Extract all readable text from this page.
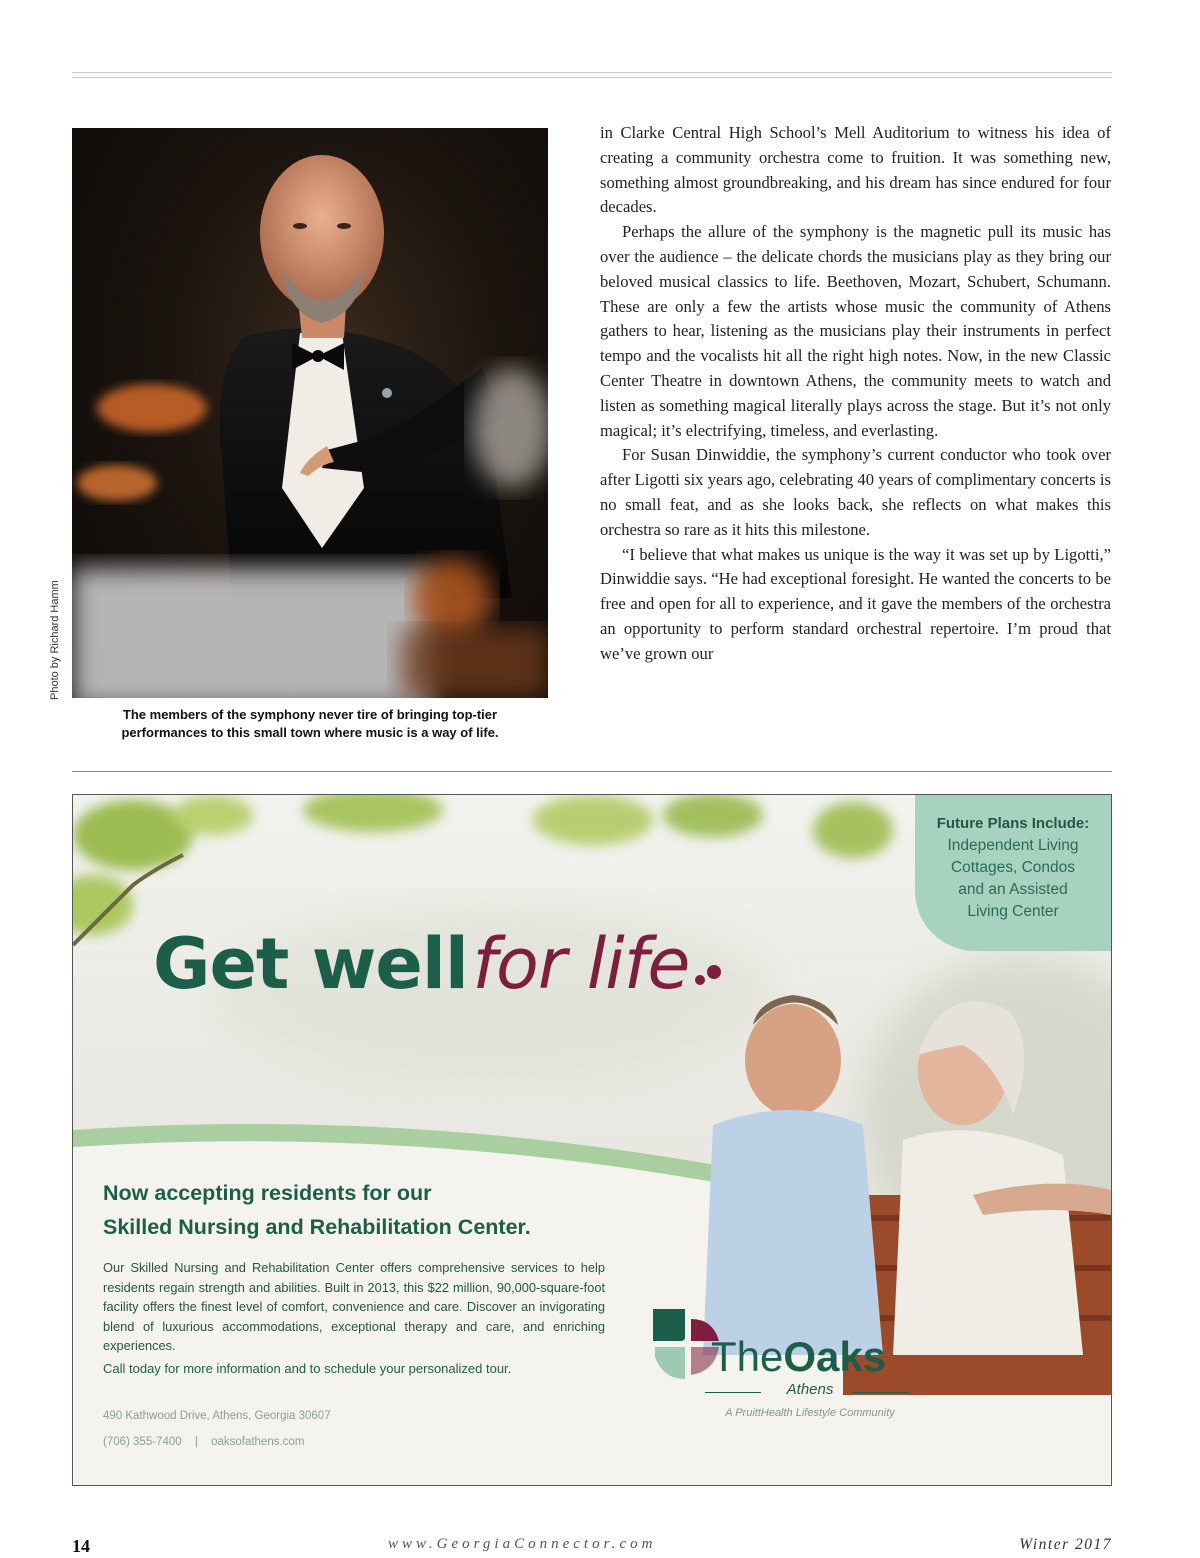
Photo by Richard Hamm
The members of the symphony never tire of bringing top-tier
performances to this small town where music is a way of life.

in Clarke Central High School’s Mell Auditorium to witness his idea of creating a community orchestra come to fruition. It was something new, something almost groundbreaking, and his dream has since endured for four decades.

Perhaps the allure of the symphony is the magnetic pull its music has over the audience – the delicate chords the musicians play as they bring our beloved musical classics to life. Beethoven, Mozart, Schubert, Schumann. These are only a few the artists whose music the community of Athens gathers to hear, listening as the musicians play their instruments in perfect tempo and the vocalists hit all the right high notes. Now, in the new Classic Center Theatre in downtown Athens, the community meets to watch and listen as something magical literally plays across the stage. But it’s not only magical; it’s electrifying, timeless, and everlasting.

For Susan Dinwiddie, the symphony’s current conductor who took over after Ligotti six years ago, celebrating 40 years of complimentary concerts is no small feat, and as she looks back, she reflects on what makes this orchestra so rare as it hits this milestone.

“I believe that what makes us unique is the way it was set up by Ligotti,” Dinwiddie says. “He had exceptional foresight. He wanted the concerts to be free and open for all to experience, and it gave the members of the orchestra an opportunity to perform standard orchestral repertoire. I’m proud that we’ve grown our

Future Plans Include:
Independent Living
Cottages, Condos
and an Assisted
Living Center
Get well for life
Now accepting residents for our
Skilled Nursing and Rehabilitation Center.
Our Skilled Nursing and Rehabilitation Center offers comprehensive services to help residents regain strength and abilities. Built in 2013, this $22 million, 90,000-square-foot facility offers the finest level of comfort, convenience and care. Discover an invigorating blend of luxurious accommodations, exceptional therapy and care, and enriching experiences.
Call today for more information and to schedule your personalized tour.
490 Kathwood Drive, Athens, Georgia 30607
(706) 355-7400 | oaksofathens.com
TheOaks
Athens
A PruittHealth Lifestyle Community
14	www.GeorgiaConnector.com	Winter 2017
